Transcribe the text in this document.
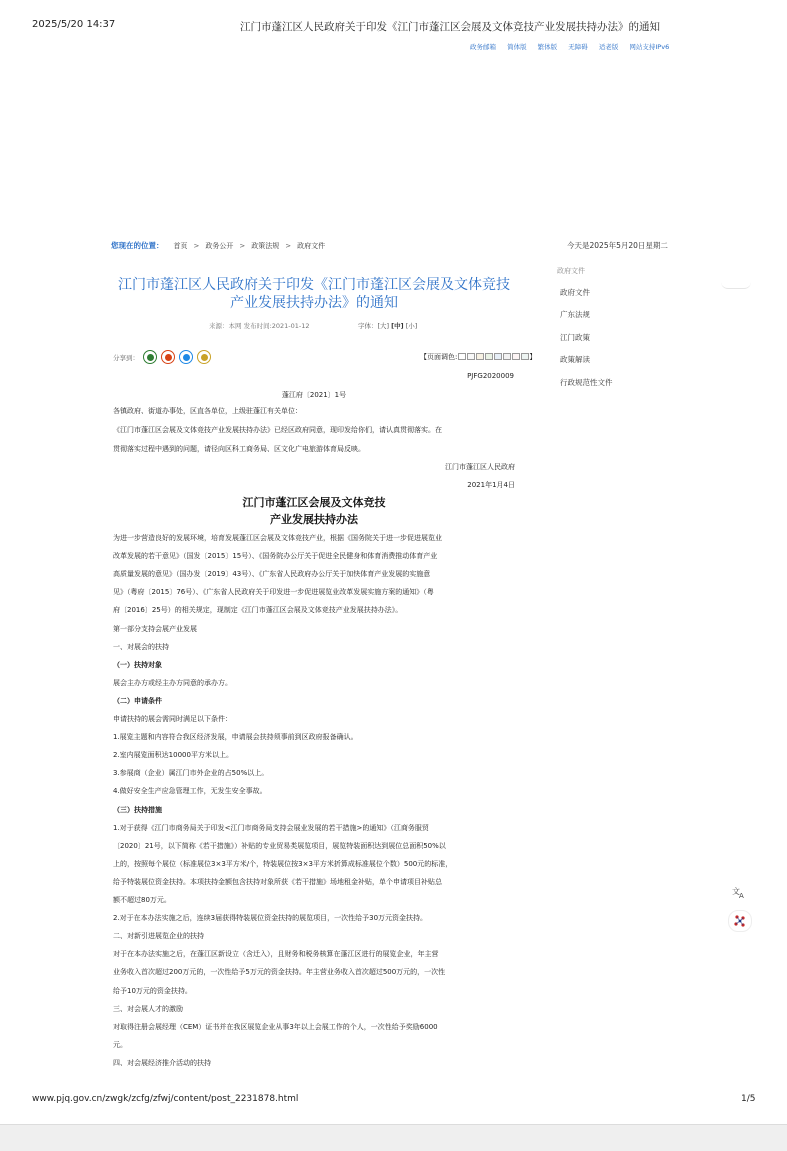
2025/5/20 14:37	江门市蓬江区人民政府关于印发《江门市蓬江区会展及文体竞技产业发展扶持办法》的通知
政务邮箱 简体版 繁体版 无障碍 适老版 网站支持IPv6
您现在的位置： 首页 > 政务公开 > 政策法规 > 政府文件	今天是2025年5月20日星期二
政府文件
政府文件
广东法规
江门政策
政策解读
行政规范性文件
江门市蓬江区人民政府关于印发《江门市蓬江区会展及文体竞技产业发展扶持办法》的通知
来源：本网 发布时间:2021-01-12	字体：[大] [中] [小]
分享到：	【页面调色:	】
PJFG2020009
蓬江府〔2021〕1号
各镇政府、街道办事处，区直各单位，上级驻蓬江有关单位：
《江门市蓬江区会展及文体竞技产业发展扶持办法》已经区政府同意，现印发给你们，请认真贯彻落实。在
贯彻落实过程中遇到的问题，请径向区科工商务局、区文化广电旅游体育局反映。
江门市蓬江区人民政府
2021年1月4日
江门市蓬江区会展及文体竞技
产业发展扶持办法
为进一步营造良好的发展环境，培育发展蓬江区会展及文体竞技产业，根据《国务院关于进一步促进展览业
改革发展的若干意见》（国发〔2015〕15号）、《国务院办公厅关于促进全民健身和体育消费推动体育产业
高质量发展的意见》（国办发〔2019〕43号）、《广东省人民政府办公厅关于加快体育产业发展的实施意
见》（粤府〔2015〕76号）、《广东省人民政府关于印发进一步促进展览业改革发展实施方案的通知》（粤
府〔2016〕25号）的相关规定，现制定《江门市蓬江区会展及文体竞技产业发展扶持办法》。
第一部分支持会展产业发展
一、对展会的扶持
（一）扶持对象
展会主办方或经主办方同意的承办方。
（二）申请条件
申请扶持的展会需同时满足以下条件：
1.展览主题和内容符合我区经济发展，申请展会扶持须事前到区政府报备确认。
2.室内展览面积达10000平方米以上。
3.参展商（企业）属江门市外企业的占50%以上。
4.做好安全生产应急管理工作，无发生安全事故。
（三）扶持措施
1.对于获得《江门市商务局关于印发<江门市商务局支持会展业发展的若干措施>的通知》（江商务服贸
〔2020〕21号，以下简称《若干措施》）补贴的专业贸易类展览项目，展览特装面积达到展位总面积50%以
上的，按照每个展位（标准展位3×3平方米/个，特装展位按3×3平方米折算成标准展位个数）500元的标准，
给予特装展位资金扶持。本项扶持金额包含扶持对象所获《若干措施》场地租金补贴，单个申请项目补贴总
额不超过80万元。
2.对于在本办法实施之后，连续3届获得特装展位资金扶持的展览项目，一次性给予30万元资金扶持。
二、对新引进展览企业的扶持
对于在本办法实施之后，在蓬江区新设立（含迁入），且财务和税务核算在蓬江区进行的展览企业，年主营
业务收入首次超过200万元的，一次性给予5万元的资金扶持。年主营业务收入首次超过500万元的，一次性
给予10万元的资金扶持。
三、对会展人才的激励
对取得注册会展经理（CEM）证书并在我区展览企业从事3年以上会展工作的个人，一次性给予奖励6000
元。
四、对会展经济推介活动的扶持
www.pjq.gov.cn/zwgk/zcfg/zfwj/content/post_2231878.html	1/5
文 A
